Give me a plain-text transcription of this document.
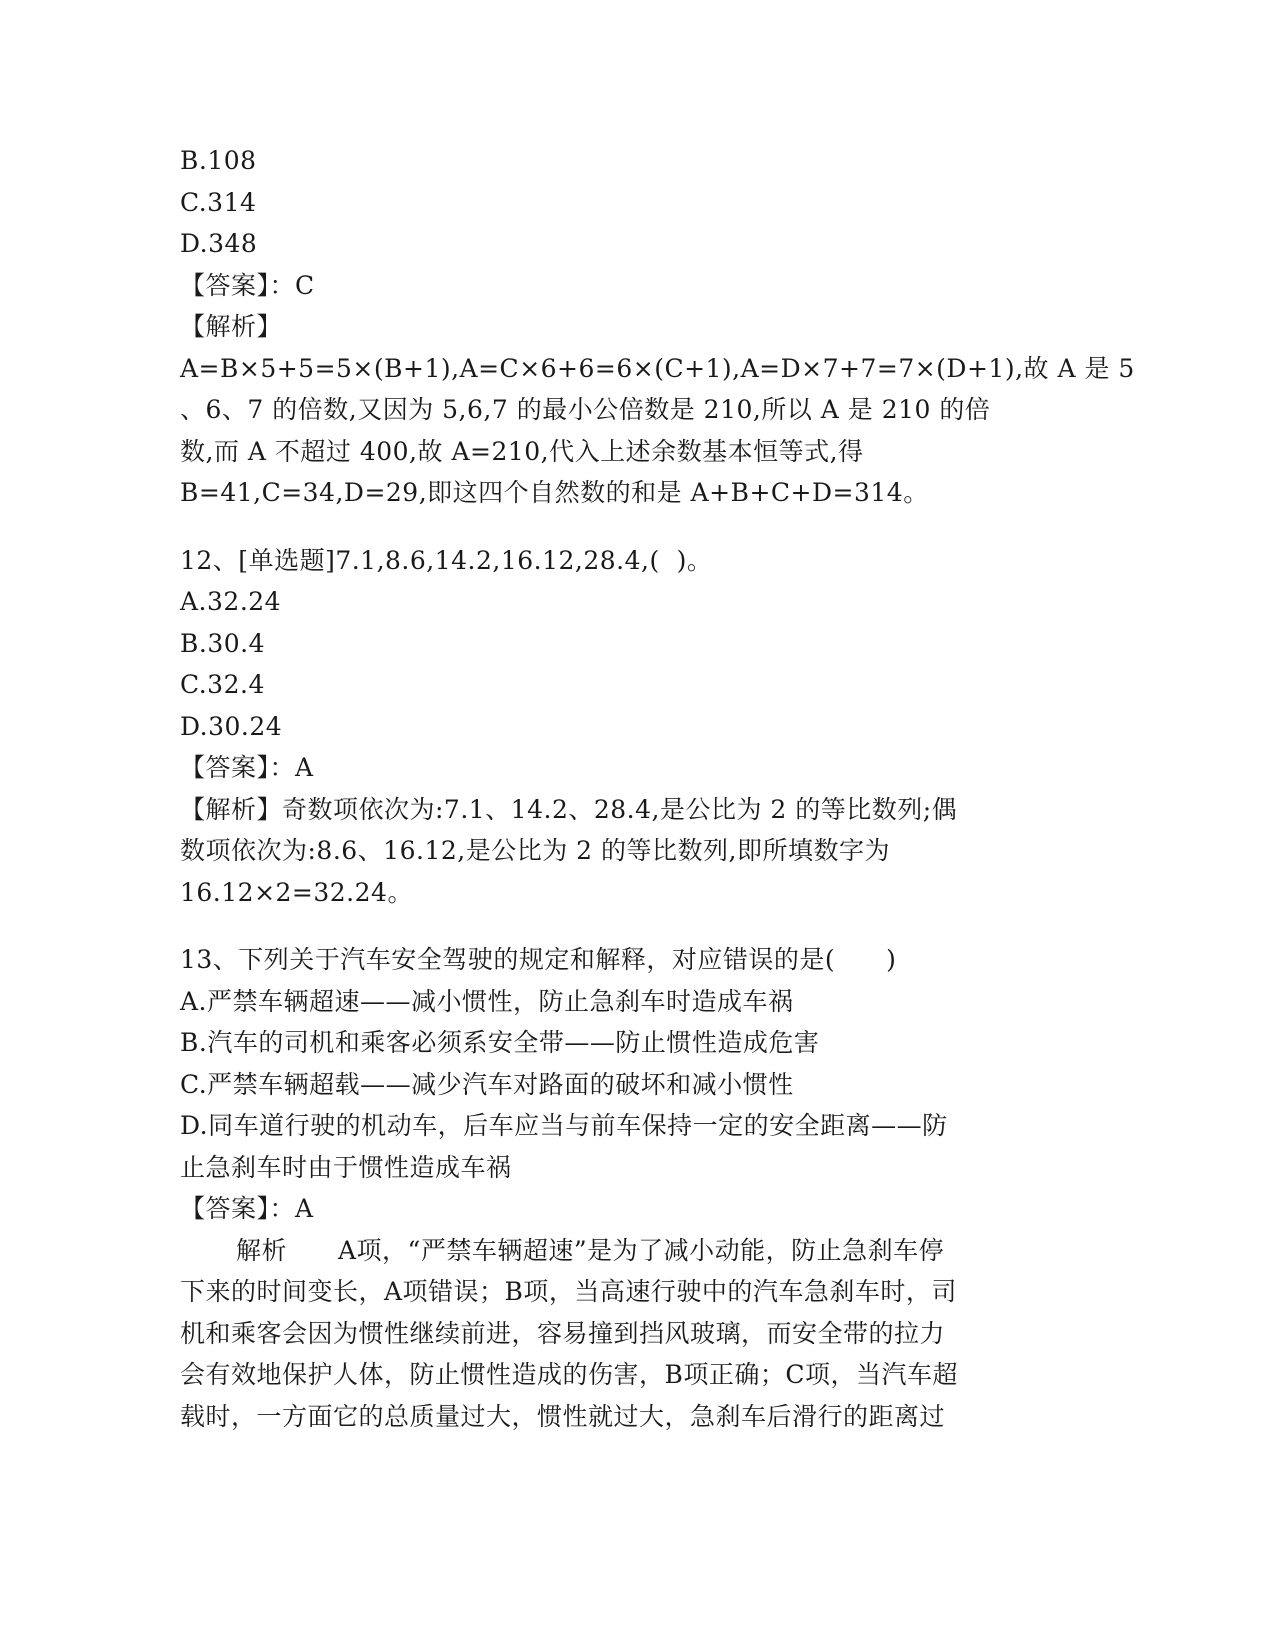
B.108
C.314
D.348
【答案】：C
【解析】
A=B×5+5=5×(B+1),A=C×6+6=6×(C+1),A=D×7+7=7×(D+1),故 A 是 5
、6、7 的倍数,又因为 5,6,7 的最小公倍数是 210,所以 A 是 210 的倍
数,而 A 不超过 400,故 A=210,代入上述余数基本恒等式,得
B=41,C=34,D=29,即这四个自然数的和是 A+B+C+D=314。
12、[单选题]7.1,8.6,14.2,16.12,28.4,(  )。
A.32.24
B.30.4
C.32.4
D.30.24
【答案】：A
【解析】奇数项依次为:7.1、14.2、28.4,是公比为 2 的等比数列;偶
数项依次为:8.6、16.12,是公比为 2 的等比数列,即所填数字为
16.12×2=32.24。
13、下列关于汽车安全驾驶的规定和解释，对应错误的是(　　)
A.严禁车辆超速——减小惯性，防止急刹车时造成车祸
B.汽车的司机和乘客必须系安全带——防止惯性造成危害
C.严禁车辆超载——减少汽车对路面的破坏和减小惯性
D.同车道行驶的机动车，后车应当与前车保持一定的安全距离——防
止急刹车时由于惯性造成车祸
【答案】：A
解析　　A项，“严禁车辆超速”是为了减小动能，防止急刹车停
下来的时间变长，A项错误；B项，当高速行驶中的汽车急刹车时，司
机和乘客会因为惯性继续前进，容易撞到挡风玻璃，而安全带的拉力
会有效地保护人体，防止惯性造成的伤害，B项正确；C项，当汽车超
载时，一方面它的总质量过大，惯性就过大，急刹车后滑行的距离过
